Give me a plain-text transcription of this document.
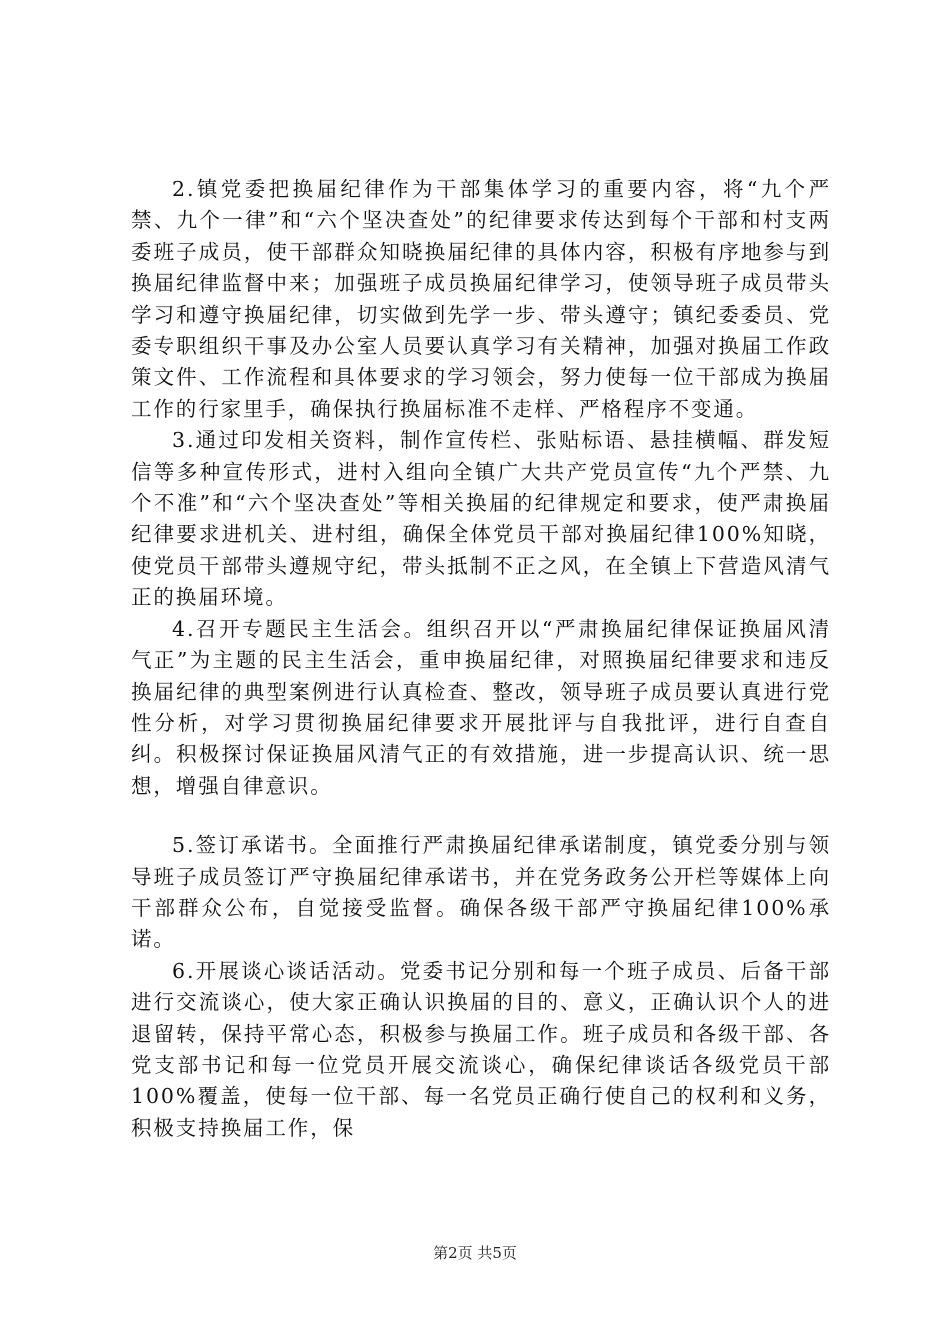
2.镇党委把换届纪律作为干部集体学习的重要内容，将“九个严禁、九个一律”和“六个坚决查处”的纪律要求传达到每个干部和村支两委班子成员，使干部群众知晓换届纪律的具体内容，积极有序地参与到换届纪律监督中来；加强班子成员换届纪律学习，使领导班子成员带头学习和遵守换届纪律，切实做到先学一步、带头遵守；镇纪委委员、党委专职组织干事及办公室人员要认真学习有关精神，加强对换届工作政策文件、工作流程和具体要求的学习领会，努力使每一位干部成为换届工作的行家里手，确保执行换届标准不走样、严格程序不变通。

3.通过印发相关资料，制作宣传栏、张贴标语、悬挂横幅、群发短信等多种宣传形式，进村入组向全镇广大共产党员宣传“九个严禁、九个不准”和“六个坚决查处”等相关换届的纪律规定和要求，使严肃换届纪律要求进机关、进村组，确保全体党员干部对换届纪律100%知晓，使党员干部带头遵规守纪，带头抵制不正之风，在全镇上下营造风清气正的换届环境。

4.召开专题民主生活会。组织召开以“严肃换届纪律保证换届风清气正”为主题的民主生活会，重申换届纪律，对照换届纪律要求和违反换届纪律的典型案例进行认真检查、整改，领导班子成员要认真进行党性分析，对学习贯彻换届纪律要求开展批评与自我批评，进行自查自纠。积极探讨保证换届风清气正的有效措施，进一步提高认识、统一思想，增强自律意识。

5.签订承诺书。全面推行严肃换届纪律承诺制度，镇党委分别与领导班子成员签订严守换届纪律承诺书，并在党务政务公开栏等媒体上向干部群众公布，自觉接受监督。确保各级干部严守换届纪律100%承诺。

6.开展谈心谈话活动。党委书记分别和每一个班子成员、后备干部进行交流谈心，使大家正确认识换届的目的、意义，正确认识个人的进退留转，保持平常心态，积极参与换届工作。班子成员和各级干部、各党支部书记和每一位党员开展交流谈心，确保纪律谈话各级党员干部100%覆盖，使每一位干部、每一名党员正确行使自己的权利和义务，积极支持换届工作，保

第2页 共5页
